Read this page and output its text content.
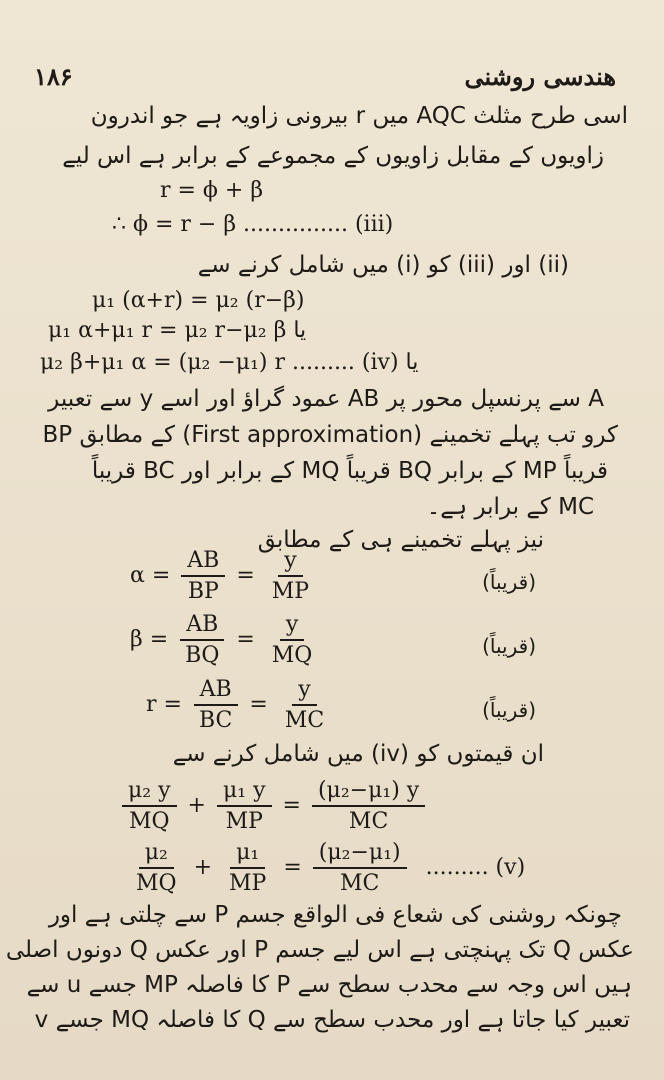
۱۸۶	ھندسی روشنی
اسی طرح مثلث AQC میں r بیرونی زاویہ ہے جو اندرون
زاویوں کے مقابل زاویوں کے مجموعے کے برابر ہے اس لیے
r = ϕ + β
∴ ϕ = r − β ............... (iii)
(ii) اور (iii) کو (i) میں شامل کرنے سے
μ₁ (α+r) = μ₂ (r−β)
یا μ₁ α+μ₁ r = μ₂ r−μ₂ β
یا μ₂ β+μ₁ α = (μ₂ −μ₁) r ......... (iv)
A سے پرنسپل محور پر AB عمود گراؤ اور اسے y سے تعبیر
کرو تب پہلے تخمینے (First approximation) کے مطابق BP
قریباً MP کے برابر BQ قریباً MQ کے برابر اور BC قریباً
MC کے برابر ہے۔
نیز پہلے تخمینے ہی کے مطابق
$\alpha = \frac{AB}{BP} = \frac{y}{MP}$	(قریباً)
$\beta = \frac{AB}{BQ} = \frac{y}{MQ}$	(قریباً)
$r = \frac{AB}{BC} = \frac{y}{MC}$	(قریباً)
ان قیمتوں کو (iv) میں شامل کرنے سے
$\frac{\text{μ₂ y}}{MQ} + \frac{\text{μ₁ y}}{MP} = \frac{\text{(μ₂−μ₁) y}}{MC}$
$\frac{\text{μ₂}}{MQ} + \frac{\text{μ₁}}{MP} = \frac{\text{(μ₂−μ₁)}}{MC}$ ......... (v)
چونکہ روشنی کی شعاع فی الواقع جسم P سے چلتی ہے اور
عکس Q تک پہنچتی ہے اس لیے جسم P اور عکس Q دونوں اصلی
ہیں اس وجہ سے محدب سطح سے P کا فاصلہ MP جسے u سے
تعبیر کیا جاتا ہے اور محدب سطح سے Q کا فاصلہ MQ جسے v
